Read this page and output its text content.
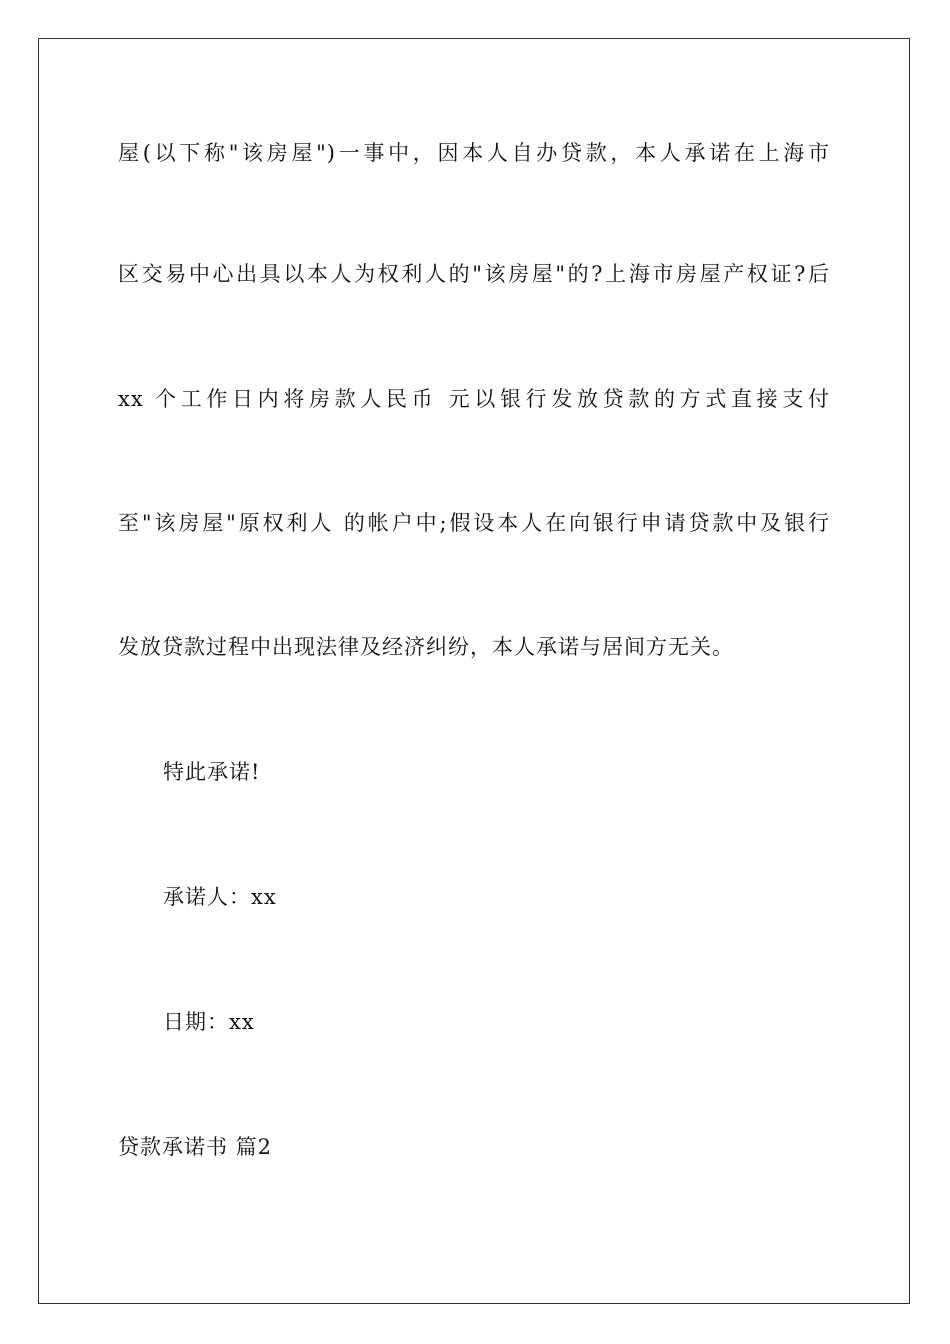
屋(以下称"该房屋")一事中，因本人自办贷款，本人承诺在上海市
区交易中心出具以本人为权利人的"该房屋"的?上海市房屋产权证?后
xx 个工作日内将房款人民币 元以银行发放贷款的方式直接支付
至"该房屋"原权利人 的帐户中;假设本人在向银行申请贷款中及银行
发放贷款过程中出现法律及经济纠纷，本人承诺与居间方无关。
特此承诺!
承诺人：xx
日期：xx
贷款承诺书 篇2
